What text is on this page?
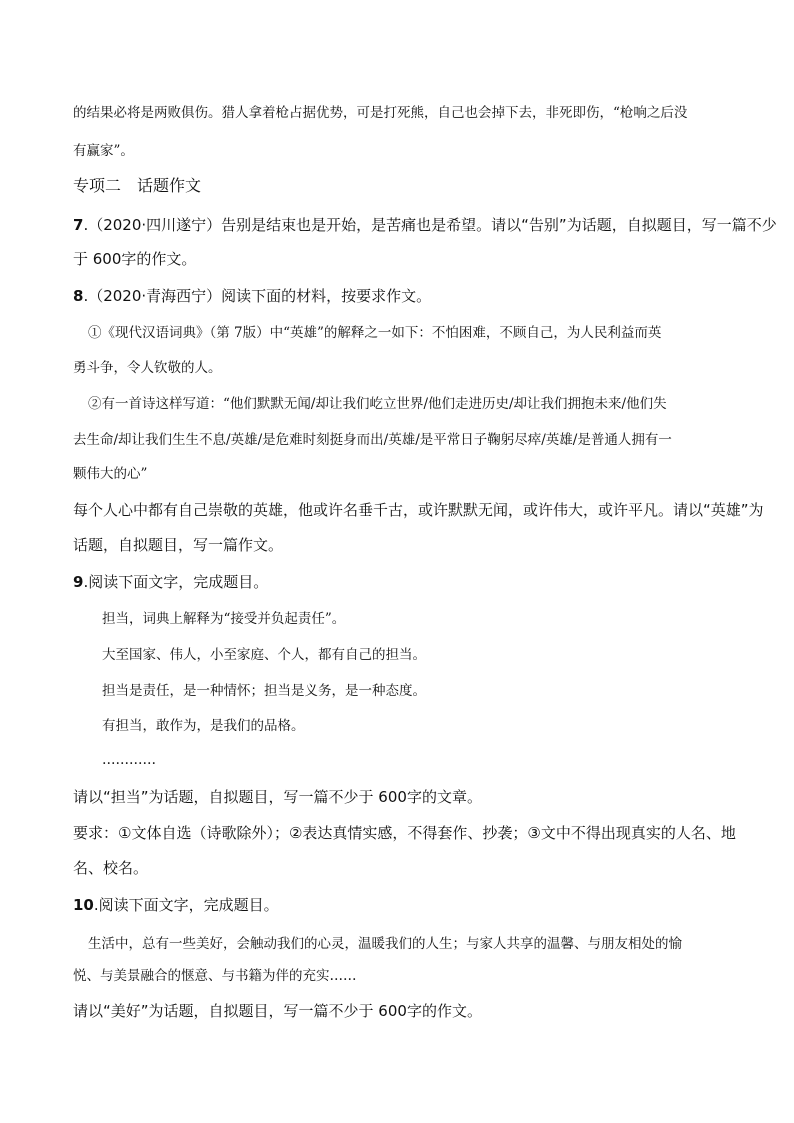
的结果必将是两败俱伤。猎人拿着枪占据优势，可是打死熊，自己也会掉下去，非死即伤，“枪响之后没
有赢家”。
专项二　话题作文
7.（2020·四川遂宁）告别是结束也是开始，是苦痛也是希望。请以“告别”为话题，自拟题目，写一篇不少
于 600字的作文。
8.（2020·青海西宁）阅读下面的材料，按要求作文。
①《现代汉语词典》（第 7版）中“英雄”的解释之一如下：不怕困难，不顾自己，为人民利益而英
勇斗争，令人钦敬的人。
②有一首诗这样写道：“他们默默无闻/却让我们屹立世界/他们走进历史/却让我们拥抱未来/他们失
去生命/却让我们生生不息/英雄/是危难时刻挺身而出/英雄/是平常日子鞠躬尽瘁/英雄/是普通人拥有一
颗伟大的心”
每个人心中都有自己崇敬的英雄，他或许名垂千古，或许默默无闻，或许伟大，或许平凡。请以“英雄”为
话题，自拟题目，写一篇作文。
9.阅读下面文字，完成题目。
担当，词典上解释为“接受并负起责任”。
大至国家、伟人，小至家庭、个人，都有自己的担当。
担当是责任，是一种情怀；担当是义务，是一种态度。
有担当，敢作为，是我们的品格。
…………
请以“担当”为话题，自拟题目，写一篇不少于 600字的文章。
要求：①文体自选（诗歌除外）；②表达真情实感，不得套作、抄袭；③文中不得出现真实的人名、地
名、校名。
10.阅读下面文字，完成题目。
生活中，总有一些美好，会触动我们的心灵，温暖我们的人生；与家人共享的温馨、与朋友相处的愉
悦、与美景融合的惬意、与书籍为伴的充实……
请以“美好”为话题，自拟题目，写一篇不少于 600字的作文。
